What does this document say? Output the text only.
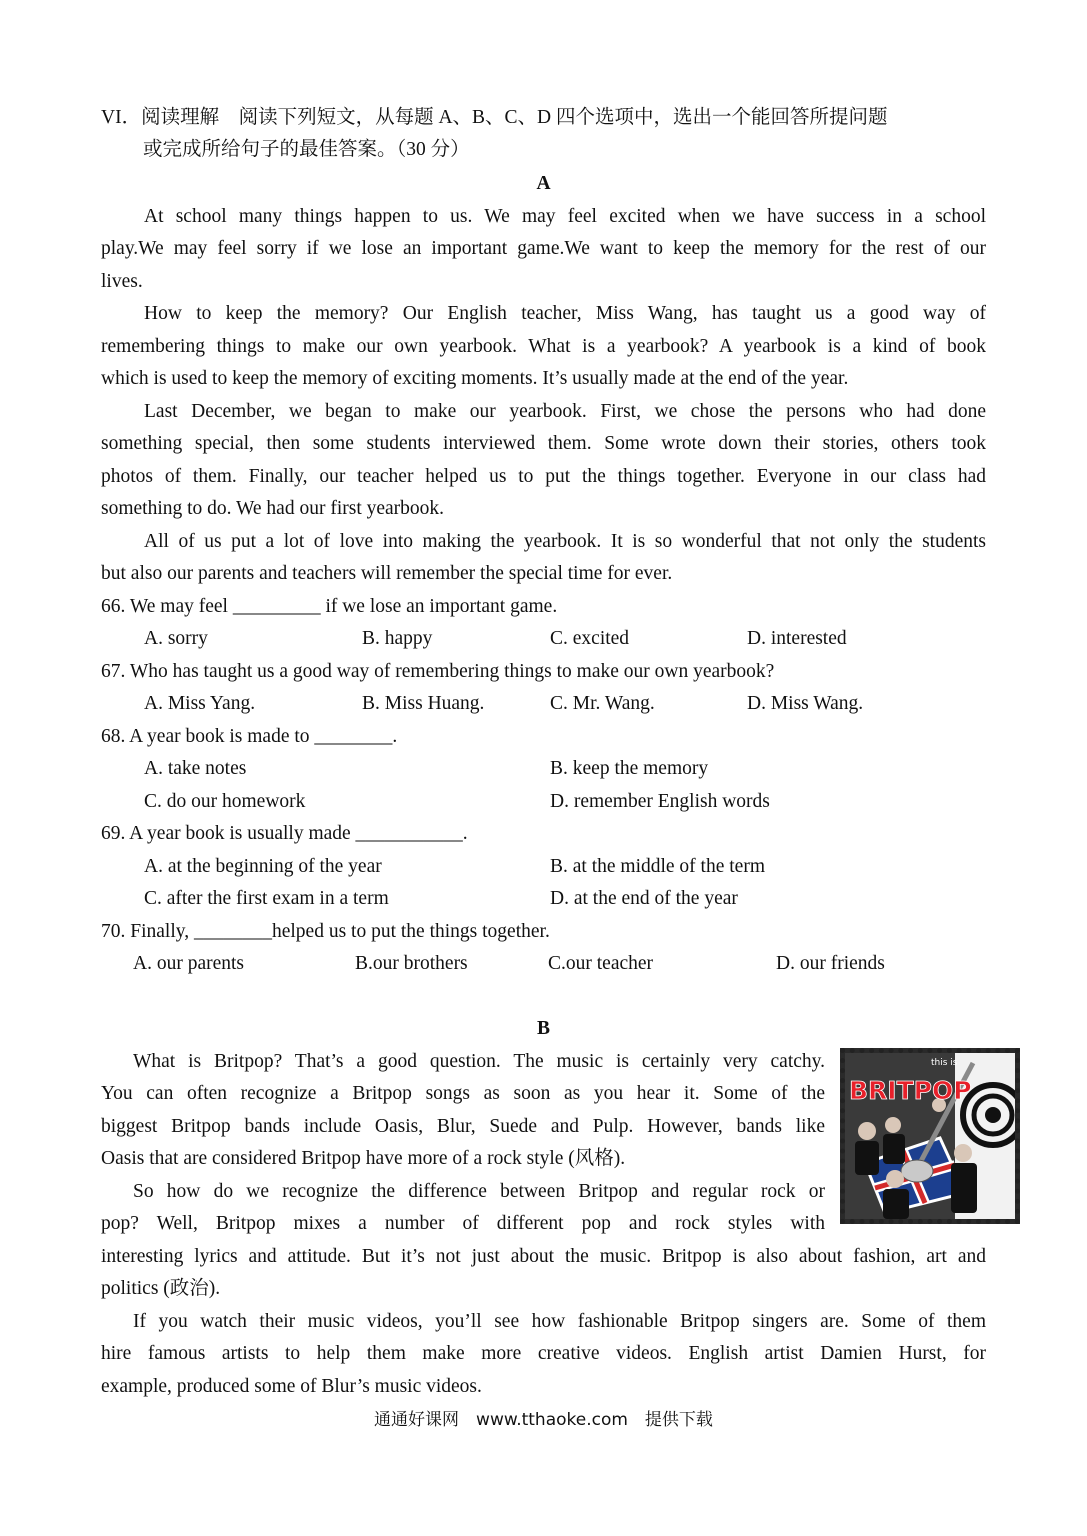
VI．阅读理解　阅读下列短文，从每题 A、B、C、D 四个选项中，选出一个能回答所提问题
或完成所给句子的最佳答案。（30 分）
A
At school many things happen to us. We may feel excited when we have success in a school
play.We may feel sorry if we lose an important game.We want to keep the memory for the rest of our
lives.
How to keep the memory? Our English teacher, Miss Wang, has taught us a good way of
remembering things to make our own yearbook. What is a yearbook? A yearbook is a kind of book
which is used to keep the memory of exciting moments. It’s usually made at the end of the year.
Last December, we began to make our yearbook. First, we chose the persons who had done
something special, then some students interviewed them. Some wrote down their stories, others took
photos of them. Finally, our teacher helped us to put the things together. Everyone in our class had
something to do. We had our first yearbook.
All of us put a lot of love into making the yearbook. It is so wonderful that not only the students
but also our parents and teachers will remember the special time for ever.
66. We may feel _________ if we lose an important game.
A. sorry	B. happy	C. excited	D. interested
67. Who has taught us a good way of remembering things to make our own yearbook?
A. Miss Yang.	B. Miss Huang.	C. Mr. Wang.	D. Miss Wang.
68. A year book is made to ________.
A. take notes	B. keep the memory
C. do our homework	D. remember English words
69. A year book is usually made ___________.
A. at the beginning of the year	B. at the middle of the term
C. after the first exam in a term	D. at the end of the year
70. Finally, ________helped us to put the things together.
A. our parents	B.our brothers	C.our teacher	D. our friends
B
What is Britpop? That’s a good question. The music is certainly very catchy.
You can often recognize a Britpop songs as soon as you hear it. Some of the
biggest Britpop bands include Oasis, Blur, Suede and Pulp. However, bands like
Oasis that are considered Britpop have more of a rock style (风格).
So how do we recognize the difference between Britpop and regular rock or
pop? Well, Britpop mixes a number of different pop and rock styles with
interesting lyrics and attitude. But it’s not just about the music. Britpop is also about fashion, art and
politics (政治).
If you watch their music videos, you’ll see how fashionable Britpop singers are. Some of them
hire famous artists to help them make more creative videos. English artist Damien Hurst, for
example, produced some of Blur’s music videos.
this is
BRITPOP
通通好课网　www.tthaoke.com　提供下载
